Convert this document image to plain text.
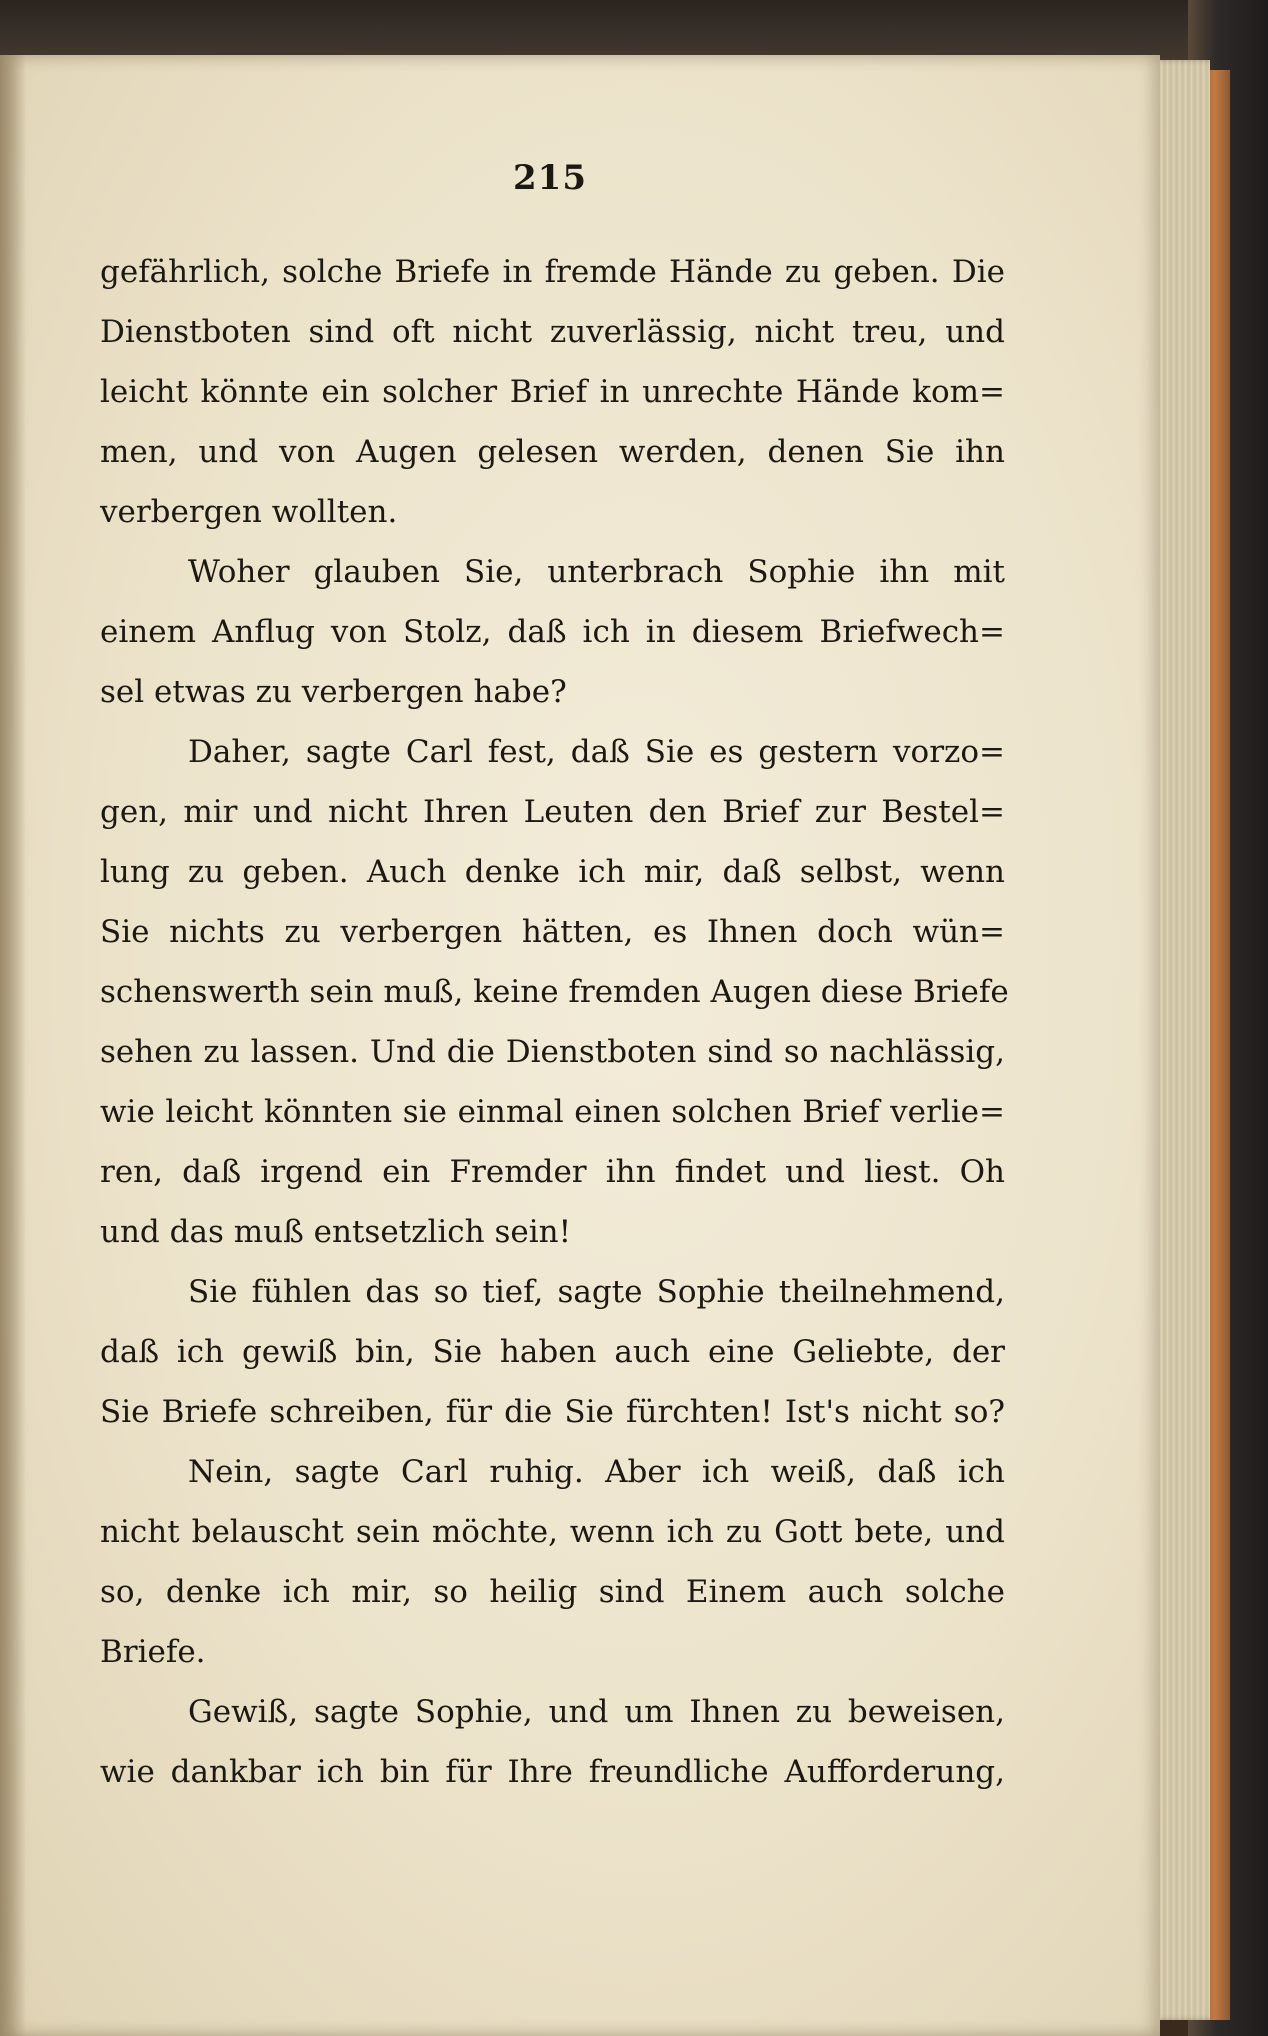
215
gefährlich, solche Briefe in fremde Hände zu geben. Die
Dienstboten sind oft nicht zuverlässig, nicht treu, und
leicht könnte ein solcher Brief in unrechte Hände kom=
men, und von Augen gelesen werden, denen Sie ihn
verbergen wollten.
Woher glauben Sie, unterbrach Sophie ihn mit
einem Anflug von Stolz, daß ich in diesem Briefwech=
sel etwas zu verbergen habe?
Daher, sagte Carl fest, daß Sie es gestern vorzo=
gen, mir und nicht Ihren Leuten den Brief zur Bestel=
lung zu geben. Auch denke ich mir, daß selbst, wenn
Sie nichts zu verbergen hätten, es Ihnen doch wün=
schenswerth sein muß, keine fremden Augen diese Briefe
sehen zu lassen. Und die Dienstboten sind so nachlässig,
wie leicht könnten sie einmal einen solchen Brief verlie=
ren, daß irgend ein Fremder ihn findet und liest. Oh
und das muß entsetzlich sein!
Sie fühlen das so tief, sagte Sophie theilnehmend,
daß ich gewiß bin, Sie haben auch eine Geliebte, der
Sie Briefe schreiben, für die Sie fürchten! Ist's nicht so?
Nein, sagte Carl ruhig. Aber ich weiß, daß ich
nicht belauscht sein möchte, wenn ich zu Gott bete, und
so, denke ich mir, so heilig sind Einem auch solche
Briefe.
Gewiß, sagte Sophie, und um Ihnen zu beweisen,
wie dankbar ich bin für Ihre freundliche Aufforderung,
